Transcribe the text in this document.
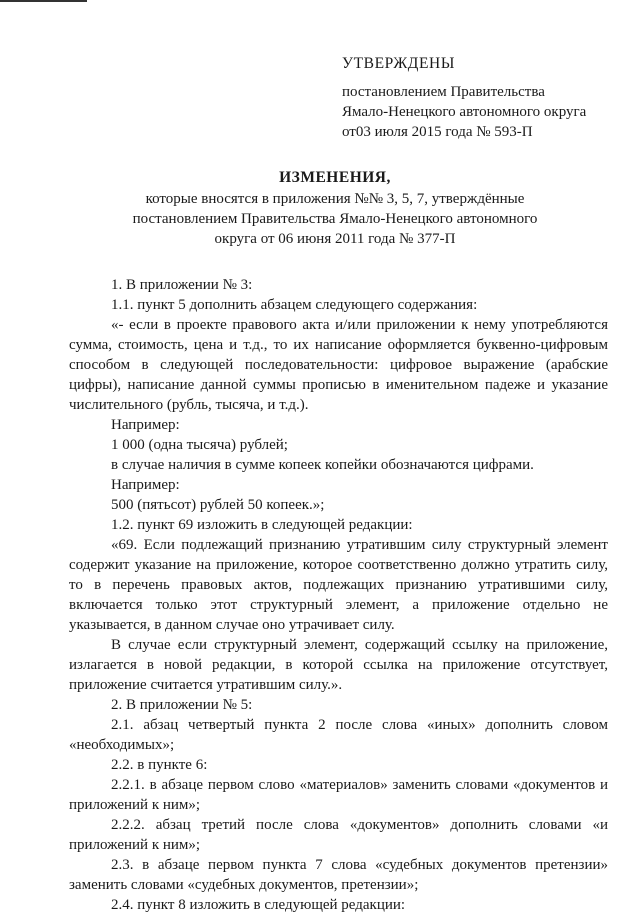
УТВЕРЖДЕНЫ
постановлением Правительства
Ямало-Ненецкого автономного округа
от03 июля 2015 года № 593-П
ИЗМЕНЕНИЯ,
которые вносятся в приложения №№ 3, 5, 7, утверждённые
постановлением Правительства Ямало-Ненецкого автономного
округа от 06 июня 2011 года № 377-П

1. В приложении № 3:

1.1. пункт 5 дополнить абзацем следующего содержания:

«- если в проекте правового акта и/или приложении к нему употребляются сумма, стоимость, цена и т.д., то их написание оформляется буквенно-цифровым способом в следующей последовательности: цифровое выражение (арабские цифры), написание данной суммы прописью в именительном падеже и указание числительного (рубль, тысяча, и т.д.).

Например:

1 000 (одна тысяча) рублей;

в случае наличия в сумме копеек копейки обозначаются цифрами.

Например:

500 (пятьсот) рублей 50 копеек.»;

1.2. пункт 69 изложить в следующей редакции:

«69. Если подлежащий признанию утратившим силу структурный элемент содержит указание на приложение, которое соответственно должно утратить силу, то в перечень правовых актов, подлежащих признанию утратившими силу, включается только этот структурный элемент, а приложение отдельно не указывается, в данном случае оно утрачивает силу.

В случае если структурный элемент, содержащий ссылку на приложение, излагается в новой редакции, в которой ссылка на приложение отсутствует, приложение считается утратившим силу.».

2. В приложении № 5:

2.1. абзац четвертый пункта 2 после слова «иных» дополнить словом «необходимых»;

2.2. в пункте 6:

2.2.1. в абзаце первом слово «материалов» заменить словами «документов и приложений к ним»;

2.2.2. абзац третий после слова «документов» дополнить словами «и приложений к ним»;

2.3. в абзаце первом пункта 7 слова «судебных документов претензии» заменить словами «судебных документов, претензии»;

2.4. пункт 8 изложить в следующей редакции:
